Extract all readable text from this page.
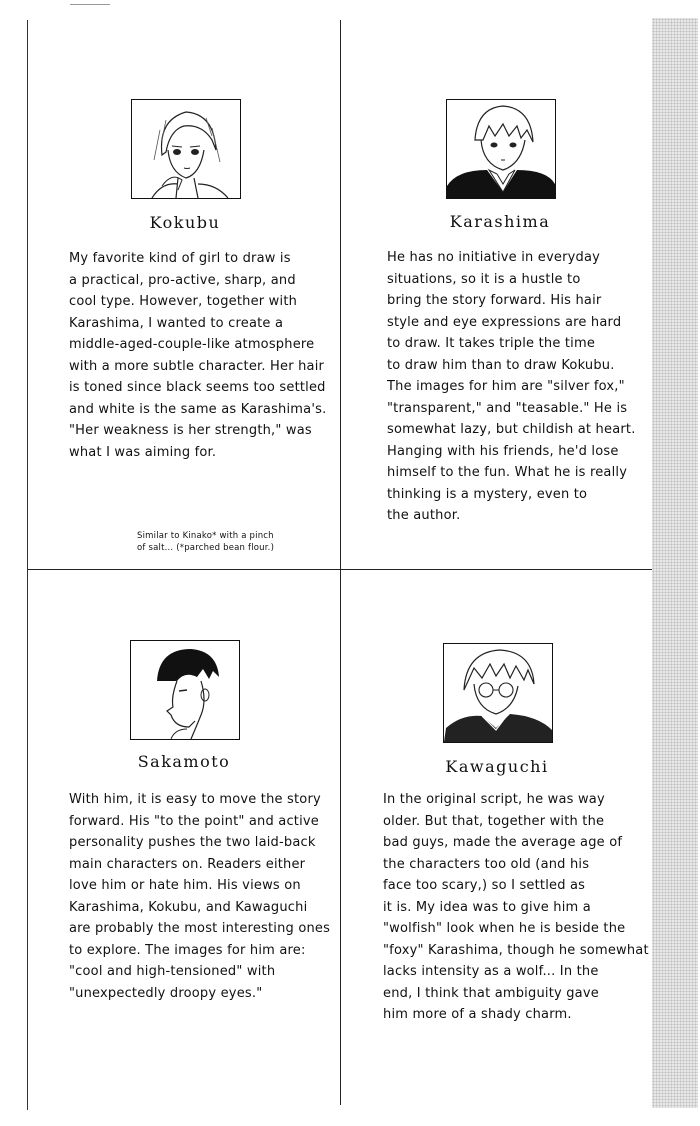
Kokubu

My favorite kind of girl to draw is
a practical, pro-active, sharp, and
cool type. However, together with
Karashima, I wanted to create a
middle-aged-couple-like atmosphere
with a more subtle character. Her hair
is toned since black seems too settled
and white is the same as Karashima's.
"Her weakness is her strength," was
what I was aiming for.

Similar to Kinako* with a pinch
of salt... (*parched bean flour.)

Karashima

He has no initiative in everyday
situations, so it is a hustle to
bring the story forward. His hair
style and eye expressions are hard
to draw. It takes triple the time
to draw him than to draw Kokubu.
The images for him are "silver fox,"
"transparent," and "teasable." He is
somewhat lazy, but childish at heart.
Hanging with his friends, he'd lose
himself to the fun. What he is really
thinking is a mystery, even to
the author.

Sakamoto

With him, it is easy to move the story
forward. His "to the point" and active
personality pushes the two laid-back
main characters on. Readers either
love him or hate him. His views on
Karashima, Kokubu, and Kawaguchi
are probably the most interesting ones
to explore. The images for him are:
"cool and high-tensioned" with
"unexpectedly droopy eyes."

Kawaguchi

In the original script, he was way
older. But that, together with the
bad guys, made the average age of
the characters too old (and his
face too scary,) so I settled as
it is. My idea was to give him a
"wolfish" look when he is beside the
"foxy" Karashima, though he somewhat
lacks intensity as a wolf... In the
end, I think that ambiguity gave
him more of a shady charm.
